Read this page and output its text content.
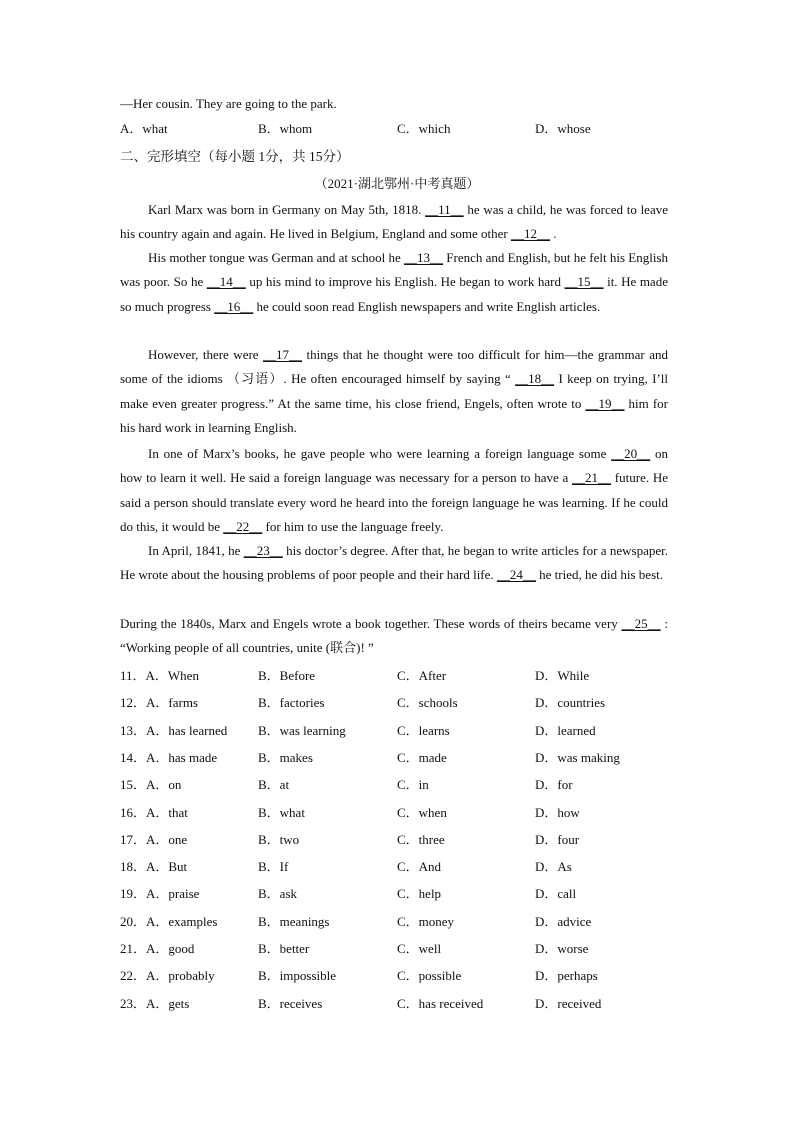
—Her cousin. They are going to the park.
A．what	B．whom	C．which	D．whose
二、完形填空（每小题 1分，共 15分）
（2021·湖北鄂州·中考真题）

Karl Marx was born in Germany on May 5th, 1818. __11__ he was a child, he was forced to leave his country again and again. He lived in Belgium, England and some other __12__ .

His mother tongue was German and at school he __13__ French and English, but he felt his English was poor. So he __14__ up his mind to improve his English. He began to work hard __15__ it. He made so much progress __16__ he could soon read English newspapers and write English articles.

However, there were __17__ things that he thought were too difficult for him—the grammar and some of the idioms （习语）. He often encouraged himself by saying “ __18__ I keep on trying, I’ll make even greater progress.” At the same time, his close friend, Engels, often wrote to __19__ him for his hard work in learning English.

In one of Marx’s books, he gave people who were learning a foreign language some __20__ on how to learn it well. He said a foreign language was necessary for a person to have a __21__ future. He said a person should translate every word he heard into the foreign language he was learning. If he could do this, it would be __22__ for him to use the language freely.

In April, 1841, he __23__ his doctor’s degree. After that, he began to write articles for a newspaper. He wrote about the housing problems of poor people and their hard life. __24__ he tried, he did his best.

During the 1840s, Marx and Engels wrote a book together. These words of theirs became very __25__ : “Working people of all countries, unite (联合)! ”

11．A．When	B．Before	C．After	D．While
12．A．farms	B．factories	C．schools	D．countries
13．A．has learned B．was learning	C．learns	D．learned
14．A．has made	B．makes	C．made	D．was making
15．A．on	B．at	C．in	D．for
16．A．that	B．what	C．when	D．how
17．A．one	B．two	C．three	D．four
18．A．But	B．If	C．And	D．As
19．A．praise	B．ask	C．help	D．call
20．A．examples	B．meanings	C．money	D．advice
21．A．good	B．better	C．well	D．worse
22．A．probably	B．impossible	C．possible	D．perhaps
23．A．gets	B．receives	C．has received	D．received
